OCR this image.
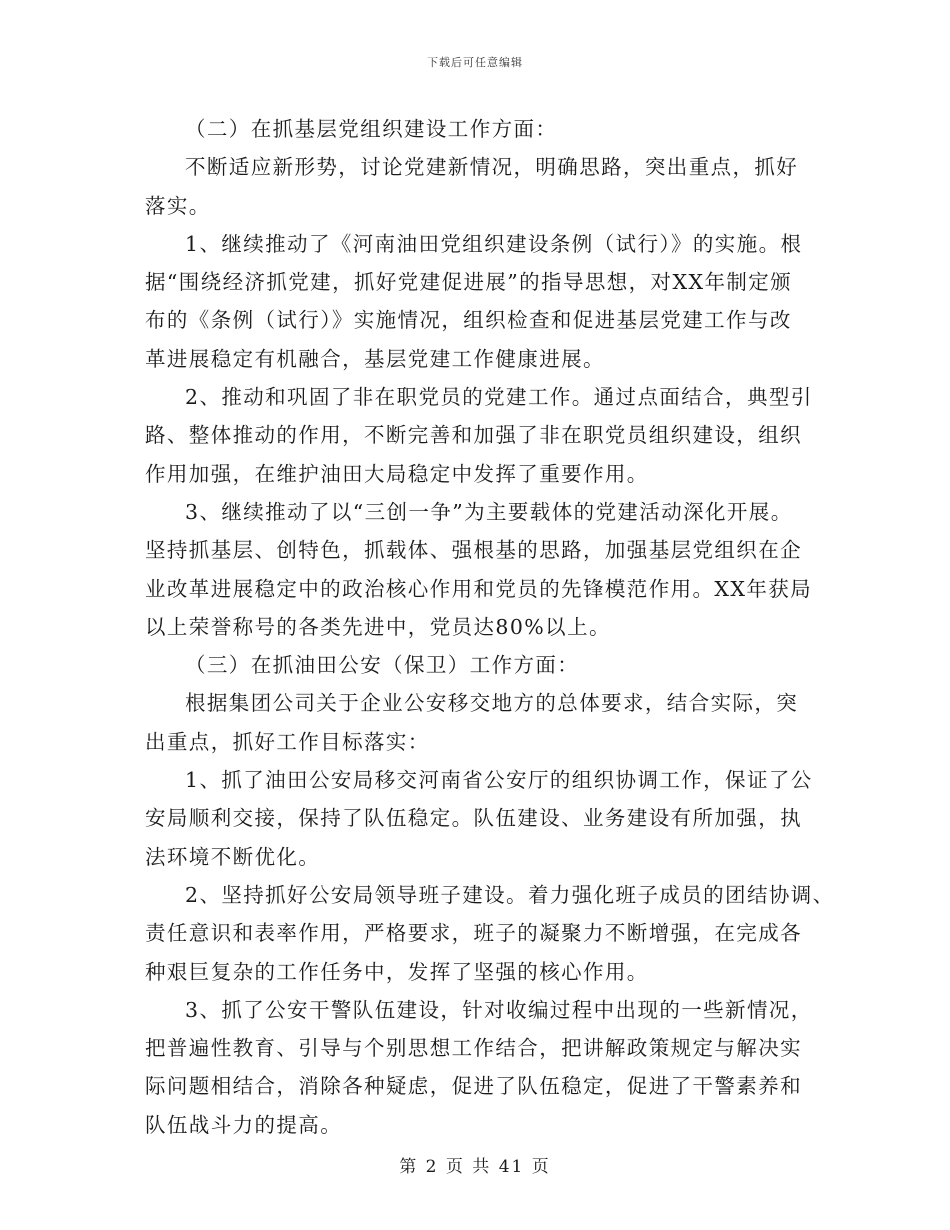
下载后可任意编辑
（二）在抓基层党组织建设工作方面：
不断适应新形势，讨论党建新情况，明确思路，突出重点，抓好
落实。
1、继续推动了《河南油田党组织建设条例（试行）》的实施。根
据“围绕经济抓党建，抓好党建促进展”的指导思想，对XX年制定颁
布的《条例（试行）》实施情况，组织检查和促进基层党建工作与改
革进展稳定有机融合，基层党建工作健康进展。
2、推动和巩固了非在职党员的党建工作。通过点面结合，典型引
路、整体推动的作用，不断完善和加强了非在职党员组织建设，组织
作用加强，在维护油田大局稳定中发挥了重要作用。
3、继续推动了以“三创一争”为主要载体的党建活动深化开展。
坚持抓基层、创特色，抓载体、强根基的思路，加强基层党组织在企
业改革进展稳定中的政治核心作用和党员的先锋模范作用。XX年获局
以上荣誉称号的各类先进中，党员达80%以上。
（三）在抓油田公安（保卫）工作方面：
根据集团公司关于企业公安移交地方的总体要求，结合实际，突
出重点，抓好工作目标落实：
1、抓了油田公安局移交河南省公安厅的组织协调工作，保证了公
安局顺利交接，保持了队伍稳定。队伍建设、业务建设有所加强，执
法环境不断优化。
2、坚持抓好公安局领导班子建设。着力强化班子成员的团结协调、
责任意识和表率作用，严格要求，班子的凝聚力不断增强，在完成各
种艰巨复杂的工作任务中，发挥了坚强的核心作用。
3、抓了公安干警队伍建设，针对收编过程中出现的一些新情况，
把普遍性教育、引导与个别思想工作结合，把讲解政策规定与解决实
际问题相结合，消除各种疑虑，促进了队伍稳定，促进了干警素养和
队伍战斗力的提高。
第 2 页 共 41 页
